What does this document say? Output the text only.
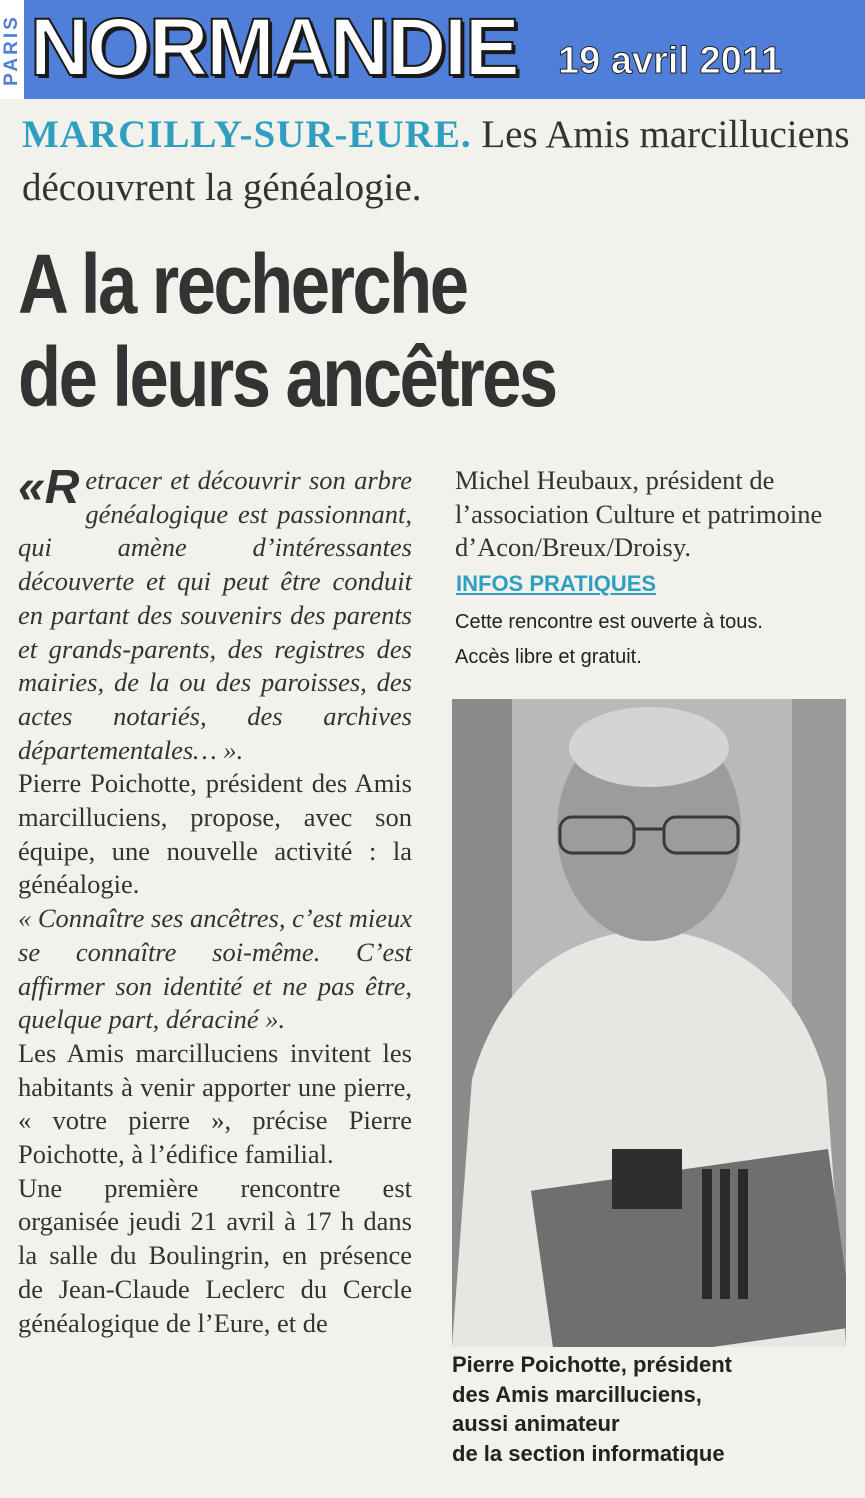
PARIS NORMANDIE 19 avril 2011
MARCILLY-SUR-EURE. Les Amis marcilluciens découvrent la généalogie.
A la recherche
de leurs ancêtres

«Retracer et découvrir son arbre généalogique est passionnant, qui amène d’intéressantes découverte et qui peut être conduit en partant des souvenirs des parents et grands-parents, des registres des mairies, de la ou des paroisses, des actes notariés, des archives départementales… ».

Pierre Poichotte, président des Amis marcilluciens, propose, avec son équipe, une nouvelle activité : la généalogie.

« Connaître ses ancêtres, c’est mieux se connaître soi-même. C’est affirmer son identité et ne pas être, quelque part, déraciné ».

Les Amis marcilluciens invitent les habitants à venir apporter une pierre, « votre pierre », précise Pierre Poichotte, à l’édifice familial.

Une première rencontre est organisée jeudi 21 avril à 17 h dans la salle du Boulingrin, en présence de Jean-Claude Leclerc du Cercle généalogique de l’Eure, et de

Michel Heubaux, président de l’association Culture et patrimoine d’Acon/Breux/Droisy.

INFOS PRATIQUES
Cette rencontre est ouverte à tous.
Accès libre et gratuit.
Pierre Poichotte, président
des Amis marcilluciens,
aussi animateur
de la section informatique
